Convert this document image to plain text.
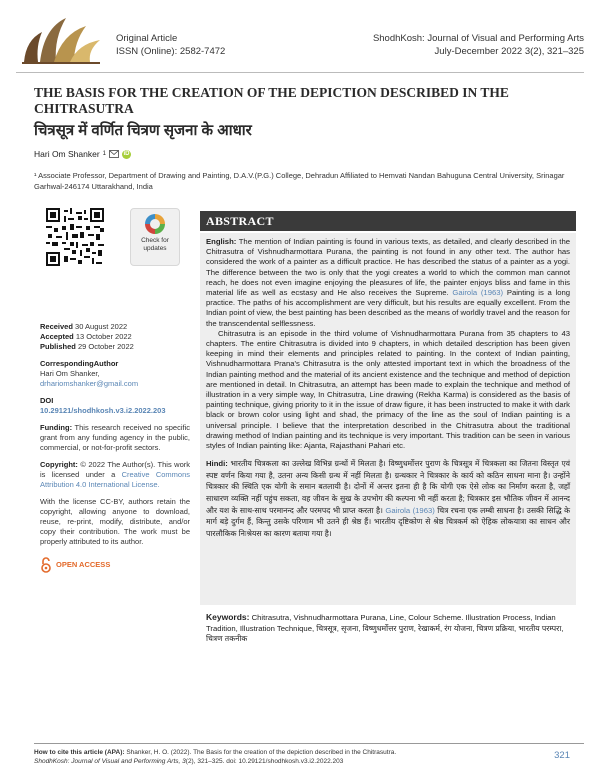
Original Article
ISSN (Online): 2582-7472
ShodhKosh: Journal of Visual and Performing Arts
July-December 2022 3(2), 321–325
THE BASIS FOR THE CREATION OF THE DEPICTION DESCRIBED IN THE CHITRASUTRA
चित्रसूत्र में वर्णित चित्रण सृजना के आधार
Hari Om Shanker 1	iD
¹ Associate Professor, Department of Drawing and Painting, D.A.V.(P.G.) College, Dehradun Affiliated to Hemvati Nandan Bahuguna Central University, Srinagar Garhwal-246174 Uttarakhand, India
Check for
updates
Received 30 August 2022
Accepted 13 October 2022
Published 29 October 2022
CorrespondingAuthor
Hari Om Shanker,
drhariomshanker@gmail.com
DOI
10.29121/shodhkosh.v3.i2.2022.203
Funding: This research received no specific grant from any funding agency in the public, commercial, or not-for-profit sectors.
Copyright: © 2022 The Author(s). This work is licensed under a Creative Commons Attribution 4.0 International License.
With the license CC-BY, authors retain the copyright, allowing anyone to download, reuse, re-print, modify, distribute, and/or copy their contribution. The work must be properly attributed to its author.
OPEN ACCESS
ABSTRACT

English: The mention of Indian painting is found in various texts, as detailed, and clearly described in the Chitrasutra of Vishnudharmottara Purana, the painting is not found in any other text. The author has considered the work of a painter as a difficult practice. He has described the status of a painter as a yogi. The difference between the two is only that the yogi creates a world to which the common man cannot reach, he does not even imagine enjoying the pleasures of life, the painter enjoys bliss and fame in this material life as well as ecstasy and He also receives the Supreme. Gairola (1963) Painting is a long practice. The paths of his accomplishment are very difficult, but his results are equally excellent. From the Indian point of view, the best painting has been described as the means of worldly travel and the reason for the transcendental selflessness.

Chitrasutra is an episode in the third volume of Vishnudharmottara Purana from 35 chapters to 43 chapters. The entire Chitrasutra is divided into 9 chapters, in which detailed description has been given keeping in mind their elements and principles related to painting. In the context of Indian painting, Vishnudharmottara Prana's Chitrasutra is the only attested important text in which the broadness of the Indian painting method and the material of its ancient existence and the technique and method of depiction are mentioned in detail. In Chitrasutra, an attempt has been made to explain the technique and method of illustration in a very simple way, In Chitrasutra, Line drawing (Rekha Karma) is considered as the basis of painting technique, giving priority to it in the issue of draw figure, it has been instructed to make it with dark black or brown color using light and shad, the primacy of the line as the soul of Indian painting is a universal principle. I believe that the interpretation described in the Chitrasutra about the traditional drawing method of Indian painting and its technique is very important. This tradition can be seen in various styles of Indian painting like: Ajanta, Rajasthani Pahari etc.

Hindi: भारतीय चित्रकला का उल्लेख विभिन्न ग्रन्थों में मिलता है। विष्णुधर्मोत्तर पुराण के चित्रसूत्र में चित्रकला का जितना विस्तृत एवं स्पष्ट वर्णन किया गया है, उतना अन्य किसी ग्रन्थ में नहीं मिलता है। ग्रन्थकार ने चित्रकार के कार्य को कठिन साधना माना है। उन्होंने चित्रकार की स्थिति एक योगी के समान बतलायी है। दोनों में अन्तर इतना ही है कि योगी एक ऐसे लोक का निर्माण करता है, जहाँ साधारण व्यक्ति नहीं पहुंच सकता, वह जीवन के सुख के उपभोग की कल्पना भी नहीं करता है; चित्रकार इस भौतिक जीवन में आनन्द और यश के साथ-साथ परमानन्द और परमपद भी प्राप्त करता है। Gairola (1963) चित्र रचना एक लम्बी साधना है। उसकी सिद्धि के मार्ग बड़े दुर्गम हैं, किन्तु उसके परिणाम भी उतने ही श्रेष्ठ हैं। भारतीय दृष्टिकोण से श्रेष्ठ चित्रकर्म को ऐहिक लोकयात्रा का साधन और पारलौकिक निःश्रेयस का कारण बताया गया है।

Keywords: Chitrasutra, Vishnudharmottara Purana, Line, Colour Scheme. Illustration Process, Indian Tradition, Illustration Technique, चित्रसूत्र, सृजना, विष्णुधर्मोत्तर पुराण, रेखाकर्म, रंग योजना, चित्रण प्रक्रिया, भारतीय परम्परा, चित्रण तकनीक
How to cite this article (APA): Shanker, H. O. (2022). The Basis for the creation of the depiction described in the Chitrasutra.
ShodhKosh: Journal of Visual and Performing Arts, 3(2), 321–325. doi: 10.29121/shodhkosh.v3.i2.2022.203
321
